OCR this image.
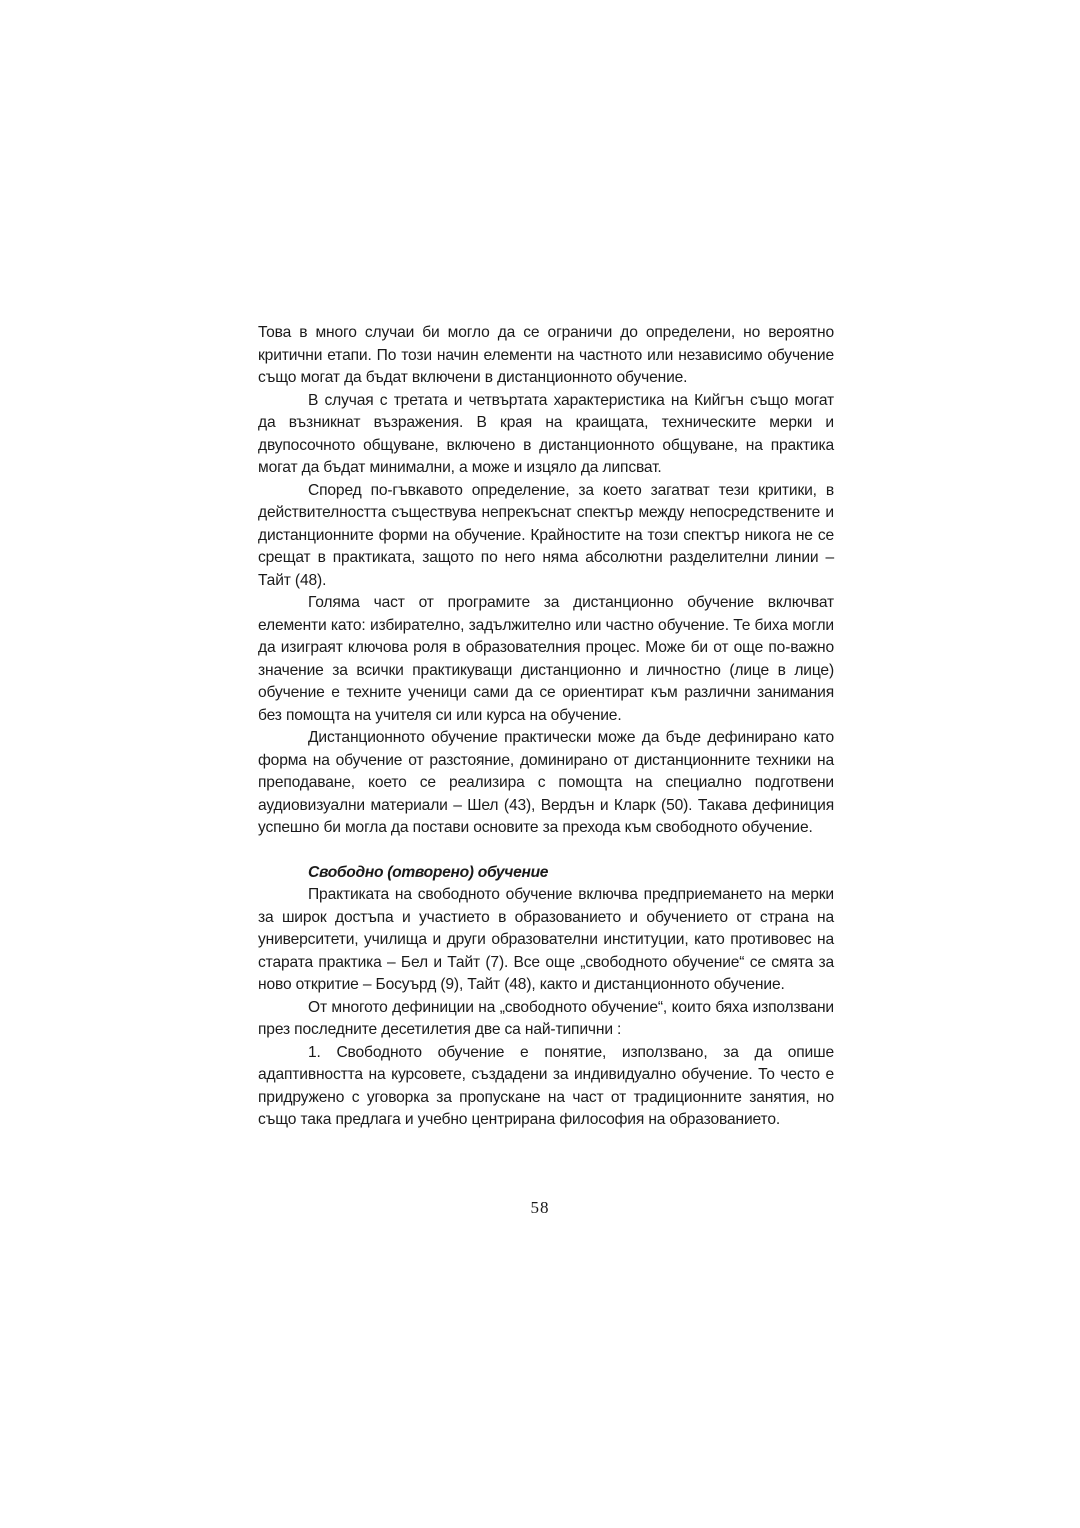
Това в много случаи би могло да се ограничи до определени, но вероятно критични етапи. По този начин елементи на частното или независимо обучение също могат да бъдат включени в дистанционното обучение.

В случая с третата и четвъртата характеристика на Кийгън също могат да възникнат възражения. В края на краищата, техническите мерки и двупосочното общуване, включено в дистанционното общуване, на практика могат да бъдат минимални, а може и изцяло да липсват.

Според по-гъвкавото определение, за което загатват тези критики, в действителността съществува непрекъснат спектър между непосредствените и дистанционните форми на обучение. Крайностите на този спектър никога не се срещат в практиката, защото по него няма абсолютни разделителни линии – Тайт (48).

Голяма част от програмите за дистанционно обучение включват елементи като: избирателно, задължително или частно обучение. Те биха могли да изиграят ключова роля в образователния процес. Може би от още по-важно значение за всички практикуващи дистанционно и личностно (лице в лице) обучение е техните ученици сами да се ориентират към различни занимания без помощта на учителя си или курса на обучение.

Дистанционното обучение практически може да бъде дефинирано като форма на обучение от разстояние, доминирано от дистанционните техники на преподаване, което се реализира с помощта на специално подготвени аудиовизуални материали – Шел (43), Вердън и Кларк (50). Такава дефиниция успешно би могла да постави основите за прехода към свободното обучение.

Свободно (отворено) обучение

Практиката на свободното обучение включва предприемането на мерки за широк достъпа и участието в образованието и обучението от страна на университети, училища и други образователни институции, като противовес на старата практика – Бел и Тайт (7). Все още „свободното обучение“ се смята за ново откритие – Босуърд (9), Тайт (48), както и дистанционното обучение.

От многото дефиниции на „свободното обучение“, които бяха използвани през последните десетилетия две са най-типични :

1. Свободното обучение е понятие, използвано, за да опише адаптивността на курсовете, създадени за индивидуално обучение. То често е придружено с уговорка за пропускане на част от традиционните занятия, но също така предлага и учебно центрирана философия на образованието.

58
